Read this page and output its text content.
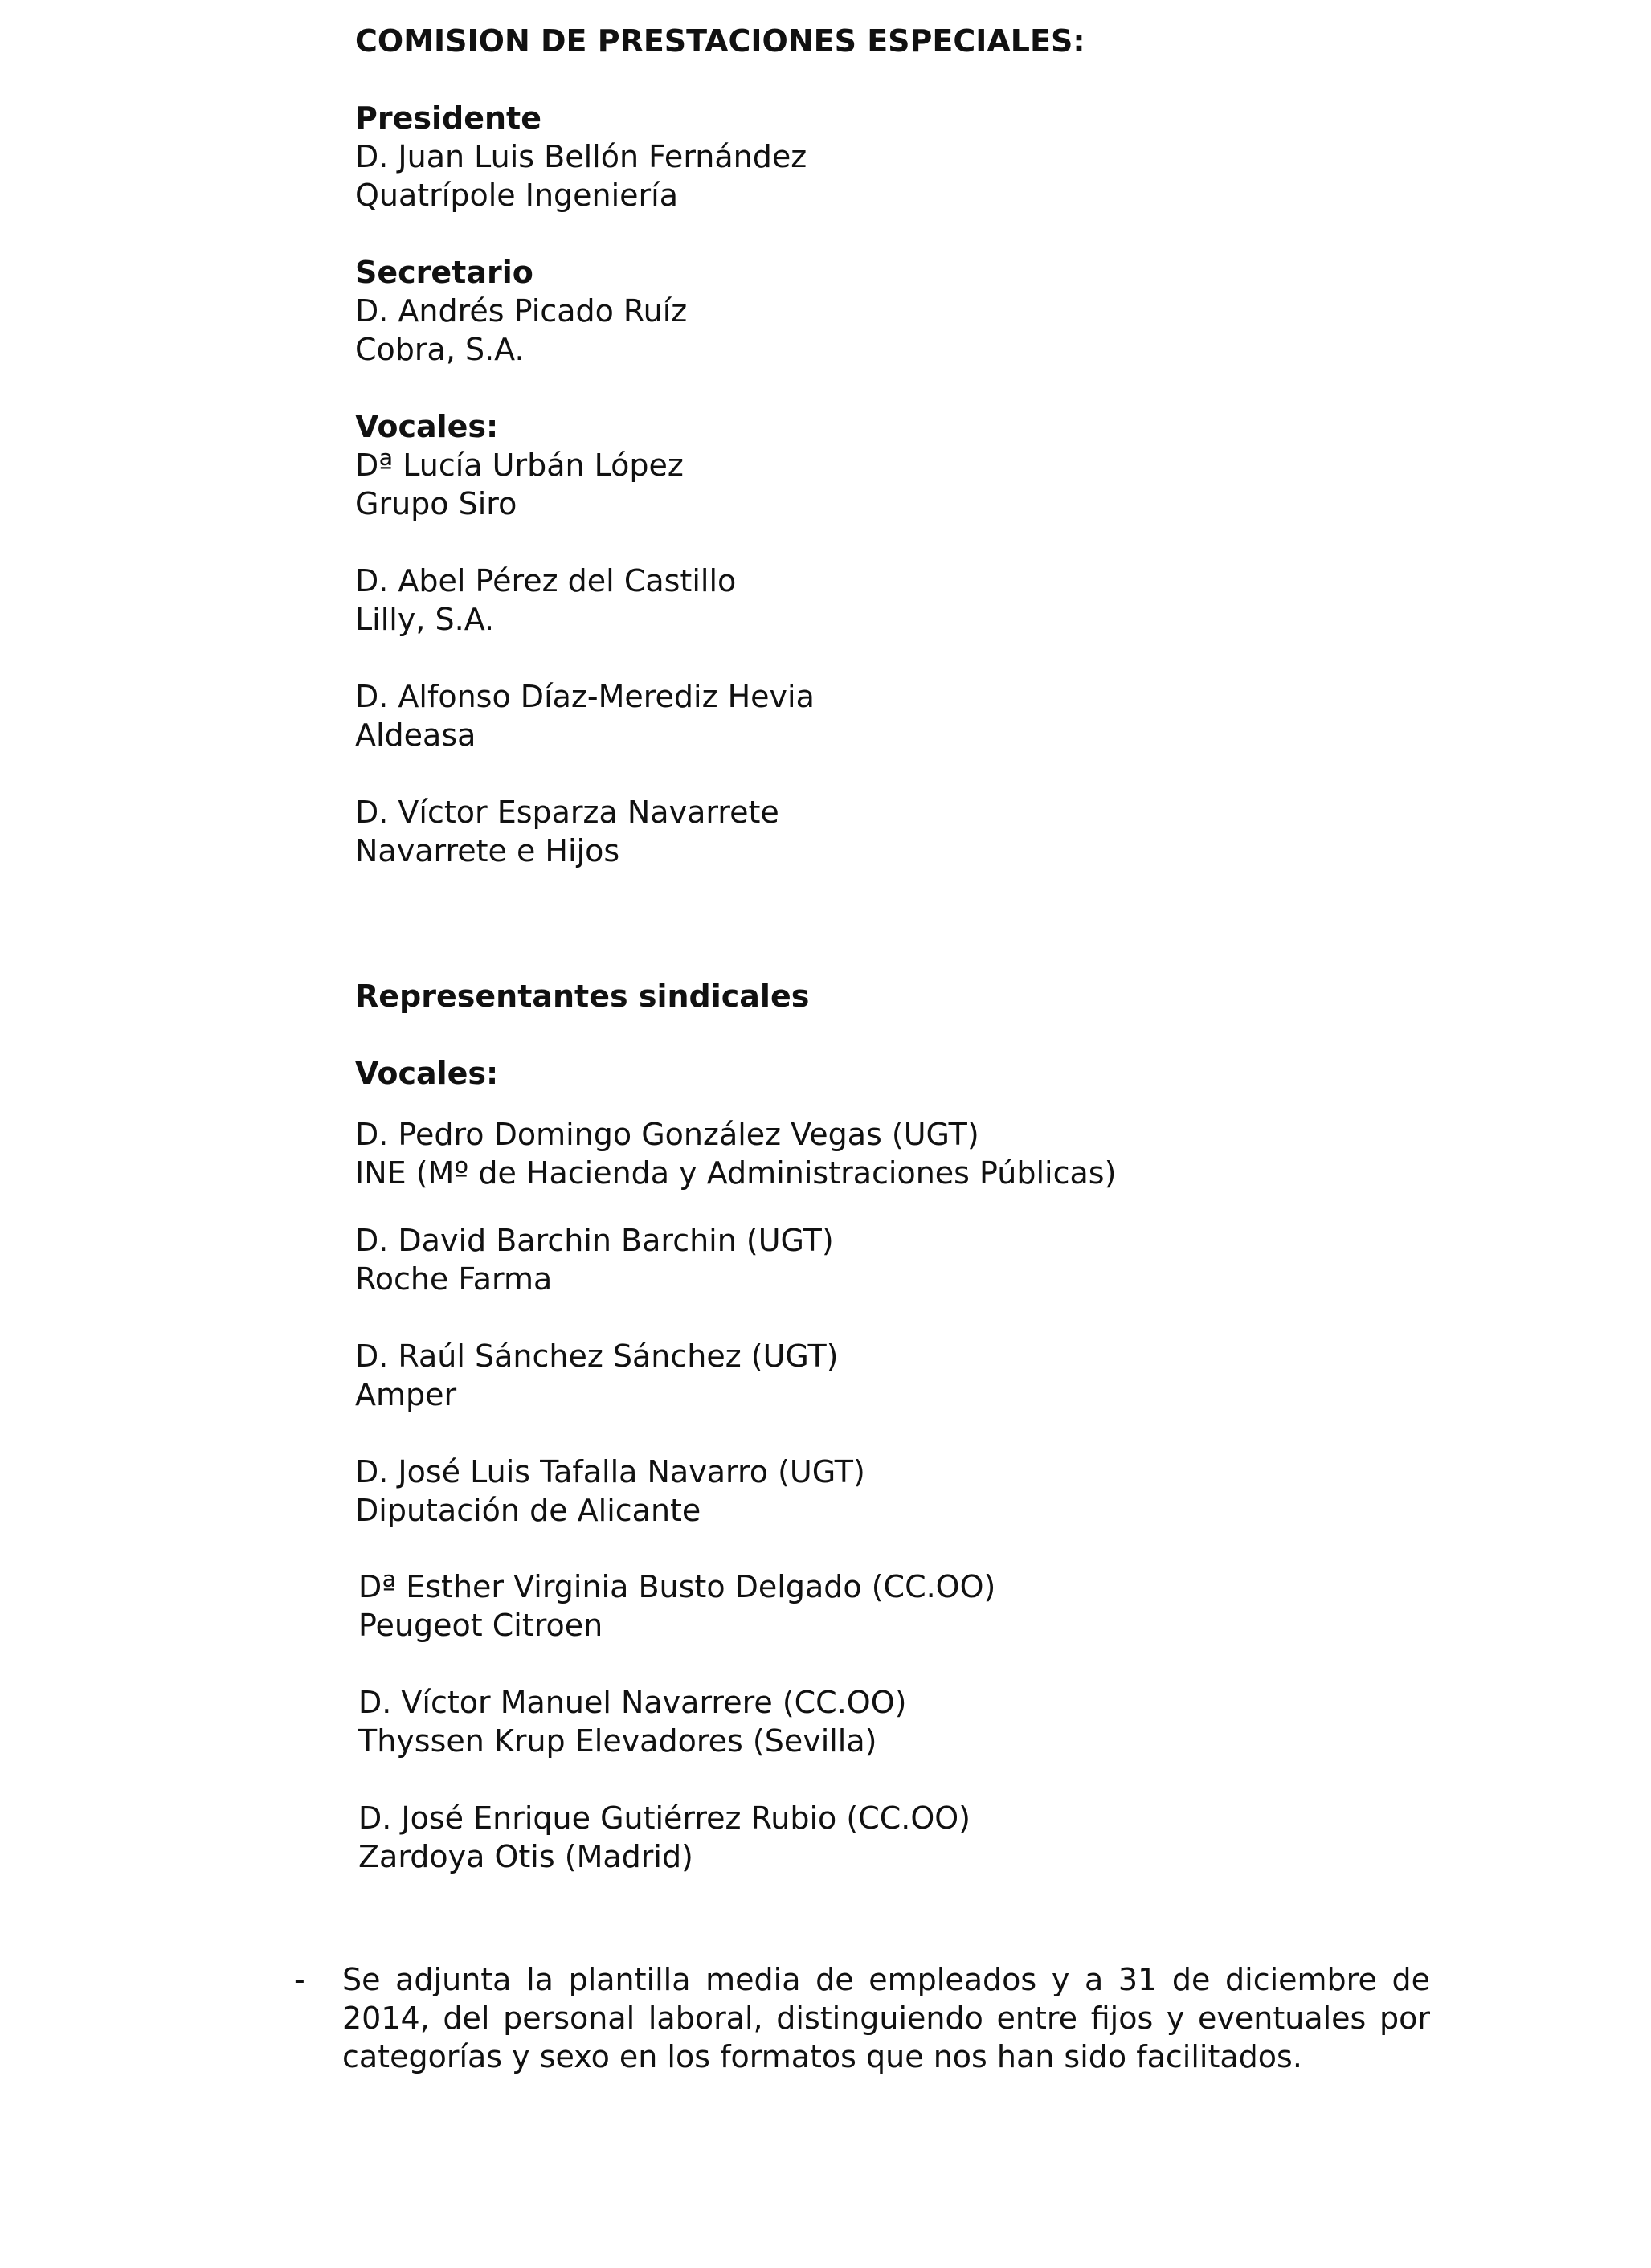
COMISION DE PRESTACIONES ESPECIALES:

Presidente

D. Juan Luis Bellón Fernández

Quatrípole Ingeniería

Secretario

D. Andrés Picado Ruíz

Cobra, S.A.

Vocales:

Dª Lucía Urbán López

Grupo Siro

D. Abel Pérez del Castillo

Lilly, S.A.

D. Alfonso Díaz-Merediz Hevia

Aldeasa

D. Víctor Esparza Navarrete

Navarrete e Hijos

Representantes sindicales

Vocales:

D. Pedro Domingo González Vegas (UGT)

INE (Mº de Hacienda y Administraciones Públicas)

D. David Barchin Barchin (UGT)

Roche Farma

D. Raúl Sánchez Sánchez (UGT)

Amper

D. José Luis Tafalla Navarro (UGT)

Diputación de Alicante

Dª Esther Virginia Busto Delgado (CC.OO)

Peugeot Citroen

D. Víctor Manuel Navarrere (CC.OO)

Thyssen Krup Elevadores (Sevilla)

D. José Enrique Gutiérrez Rubio (CC.OO)

Zardoya Otis (Madrid)

- Se adjunta la plantilla media de empleados y a 31 de diciembre de 2014, del personal laboral, distinguiendo entre fijos y eventuales por categorías y sexo en los formatos que nos han sido facilitados.
